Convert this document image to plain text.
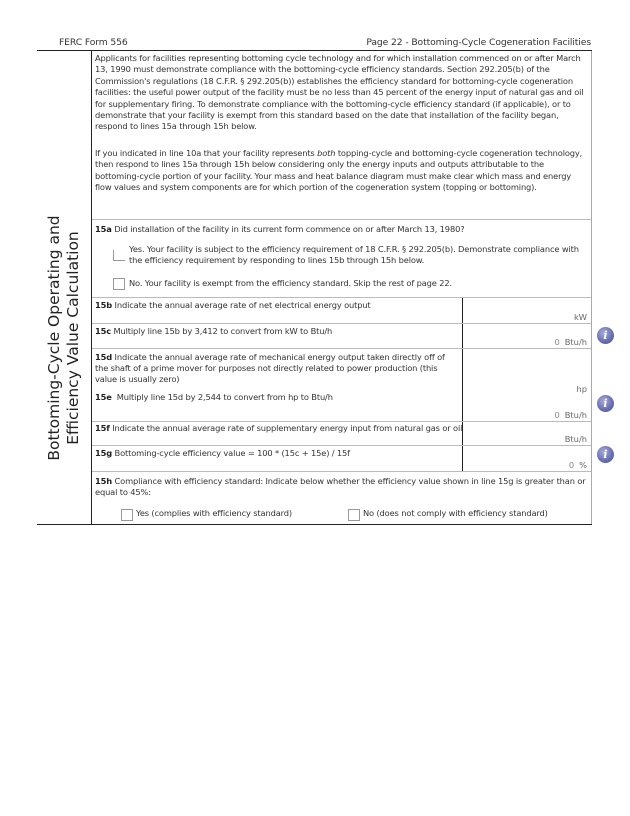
FERC Form 556	Page 22 - Bottoming-Cycle Cogeneration Facilities
Bottoming-Cycle Operating and Efficiency Value Calculation
Applicants for facilities representing bottoming cycle technology and for which installation commenced on or after March 13, 1990 must demonstrate compliance with the bottoming-cycle efficiency standards. Section 292.205(b) of the Commission's regulations (18 C.F.R. § 292.205(b)) establishes the efficiency standard for bottoming-cycle cogeneration facilities: the useful power output of the facility must be no less than 45 percent of the energy input of natural gas and oil for supplementary firing. To demonstrate compliance with the bottoming-cycle efficiency standard (if applicable), or to demonstrate that your facility is exempt from this standard based on the date that installation of the facility began, respond to lines 15a through 15h below.
If you indicated in line 10a that your facility represents both topping-cycle and bottoming-cycle cogeneration technology, then respond to lines 15a through 15h below considering only the energy inputs and outputs attributable to the bottoming-cycle portion of your facility. Your mass and heat balance diagram must make clear which mass and energy flow values and system components are for which portion of the cogeneration system (topping or bottoming).
15a Did installation of the facility in its current form commence on or after March 13, 1980?
Yes. Your facility is subject to the efficiency requirement of 18 C.F.R. § 292.205(b). Demonstrate compliance with the efficiency requirement by responding to lines 15b through 15h below.
No. Your facility is exempt from the efficiency standard. Skip the rest of page 22.
15b Indicate the annual average rate of net electrical energy output
kW
15c Multiply line 15b by 3,412 to convert from kW to Btu/h
0 Btu/h
15d Indicate the annual average rate of mechanical energy output taken directly off of the shaft of a prime mover for purposes not directly related to power production (this value is usually zero)
15e Multiply line 15d by 2,544 to convert from hp to Btu/h
hp
0 Btu/h
15f Indicate the annual average rate of supplementary energy input from natural gas or oil
Btu/h
15g Bottoming-cycle efficiency value = 100 * (15c + 15e) / 15f
0 %
15h Compliance with efficiency standard: Indicate below whether the efficiency value shown in line 15g is greater than or equal to 45%:
Yes (complies with efficiency standard)	No (does not comply with efficiency standard)
i
i
i
